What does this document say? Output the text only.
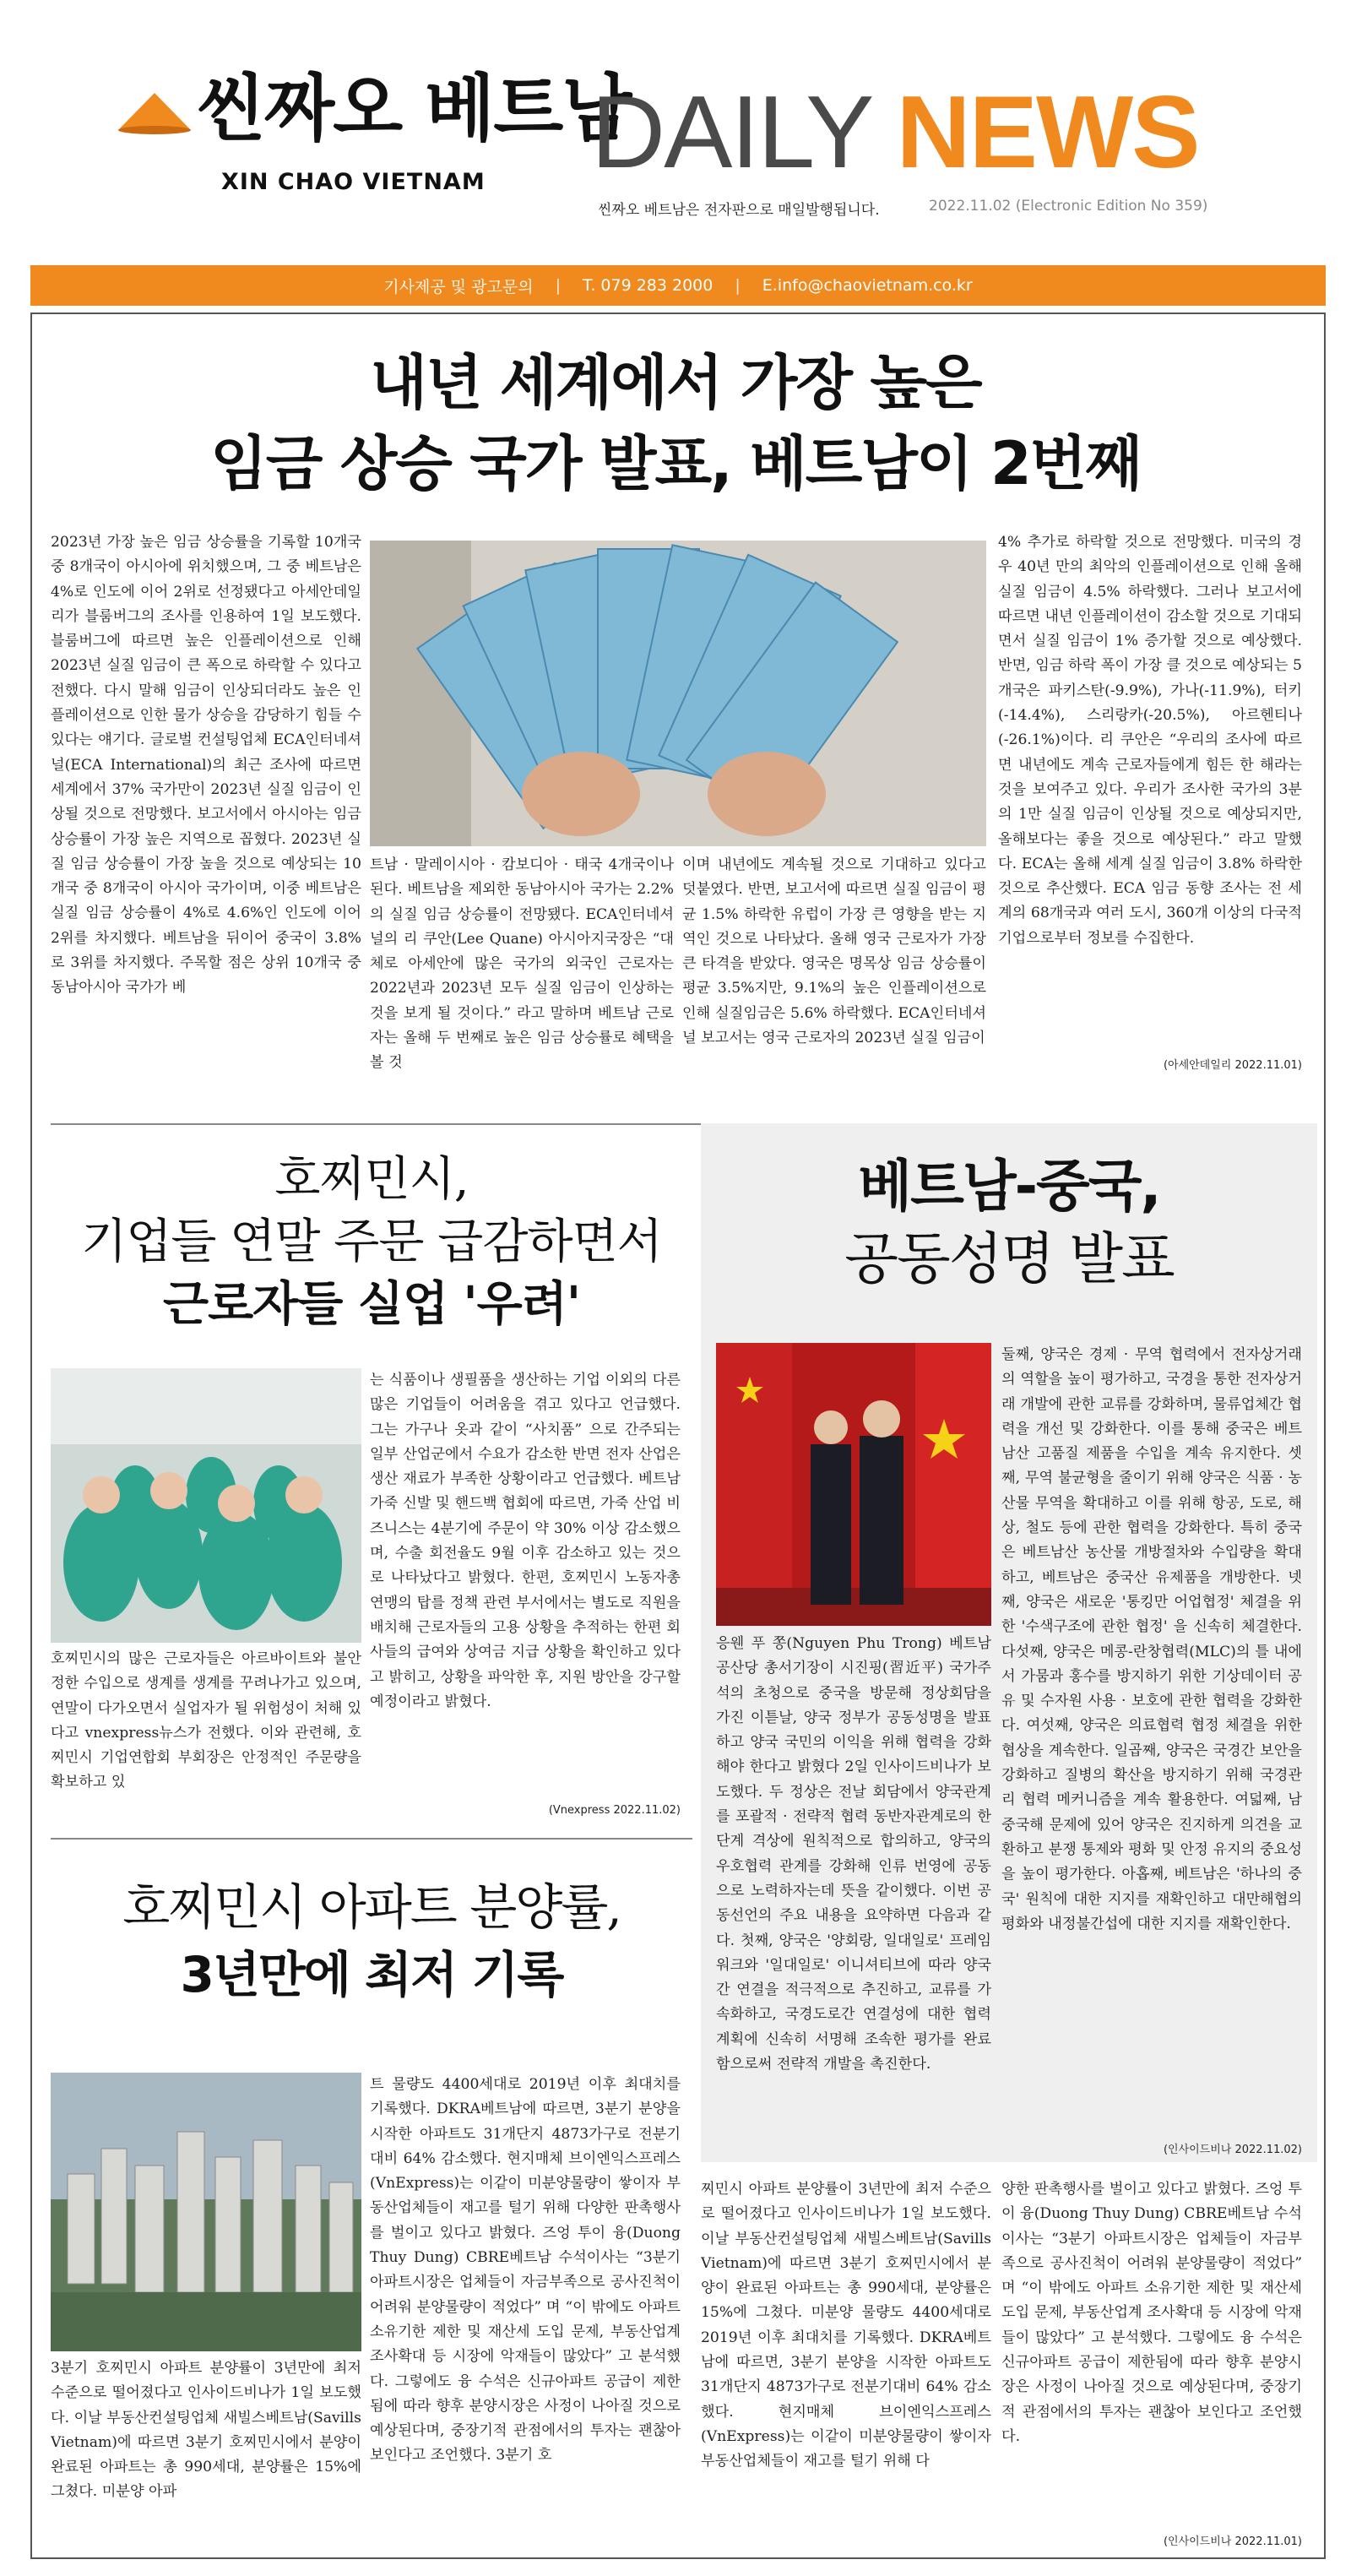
씬짜오 베트남
XIN CHAO VIETNAM DAILY NEWS
씬짜오 베트남은 전자판으로 매일발행됩니다.	2022.11.02 (Electronic Edition No 359)
기사제공 및 광고문의	|	T. 079 283 2000	|	E.info@chaovietnam.co.kr
내년 세계에서 가장 높은
임금 상승 국가 발표, 베트남이 2번째
2023년 가장 높은 임금 상승률을 기록할 10개국 중 8개국이 아시아에 위치했으며, 그 중 베트남은 4%로 인도에 이어 2위로 선정됐다고 아세안데일리가 블룸버그의 조사를 인용하여 1일 보도했다. 블룸버그에 따르면 높은 인플레이션으로 인해 2023년 실질 임금이 큰 폭으로 하락할 수 있다고 전했다. 다시 말해 임금이 인상되더라도 높은 인플레이션으로 인한 물가 상승을 감당하기 힘들 수 있다는 얘기다. 글로벌 컨설팅업체 ECA인터네셔널(ECA International)의 최근 조사에 따르면 세계에서 37% 국가만이 2023년 실질 임금이 인상될 것으로 전망했다. 보고서에서 아시아는 임금 상승률이 가장 높은 지역으로 꼽혔다. 2023년 실질 임금 상승률이 가장 높을 것으로 예상되는 10개국 중 8개국이 아시아 국가이며, 이중 베트남은 실질 임금 상승률이 4%로 4.6%인 인도에 이어 2위를 차지했다. 베트남을 뒤이어 중국이 3.8%로 3위를 차지했다. 주목할 점은 상위 10개국 중 동남아시아 국가가 베
트남 · 말레이시아 · 캄보디아 · 태국 4개국이나 된다. 베트남을 제외한 동남아시아 국가는 2.2%의 실질 임금 상승률이 전망됐다. ECA인터네셔널의 리 쿠안(Lee Quane) 아시아지국장은 “대체로 아세안에 많은 국가의 외국인 근로자는 2022년과 2023년 모두 실질 임금이 인상하는 것을 보게 될 것이다.” 라고 말하며 베트남 근로자는 올해 두 번째로 높은 임금 상승률로 혜택을 볼 것
이며 내년에도 계속될 것으로 기대하고 있다고 덧붙였다. 반면, 보고서에 따르면 실질 임금이 평균 1.5% 하락한 유럽이 가장 큰 영향을 받는 지역인 것으로 나타났다. 올해 영국 근로자가 가장 큰 타격을 받았다. 영국은 명목상 임금 상승률이 평균 3.5%지만, 9.1%의 높은 인플레이션으로 인해 실질임금은 5.6% 하락했다. ECA인터네셔널 보고서는 영국 근로자의 2023년 실질 임금이
4% 추가로 하락할 것으로 전망했다. 미국의 경우 40년 만의 최악의 인플레이션으로 인해 올해 실질 임금이 4.5% 하락했다. 그러나 보고서에 따르면 내년 인플레이션이 감소할 것으로 기대되면서 실질 임금이 1% 증가할 것으로 예상했다. 반면, 임금 하락 폭이 가장 클 것으로 예상되는 5개국은 파키스탄(-9.9%), 가나(-11.9%), 터키(-14.4%), 스리랑카(-20.5%), 아르헨티나(-26.1%)이다. 리 쿠안은 “우리의 조사에 따르면 내년에도 계속 근로자들에게 힘든 한 해라는 것을 보여주고 있다. 우리가 조사한 국가의 3분의 1만 실질 임금이 인상될 것으로 예상되지만, 올해보다는 좋을 것으로 예상된다.” 라고 말했다. ECA는 올해 세계 실질 임금이 3.8% 하락한 것으로 추산했다. ECA 임금 동향 조사는 전 세계의 68개국과 여러 도시, 360개 이상의 다국적 기업으로부터 정보를 수집한다.
(아세안데일리 2022.11.01)
호찌민시,
기업들 연말 주문 급감하면서
근로자들 실업 '우려'
호찌민시의 많은 근로자들은 아르바이트와 불안정한 수입으로 생계를 생계를 꾸려나가고 있으며, 연말이 다가오면서 실업자가 될 위험성이 처해 있다고 vnexpress뉴스가 전했다. 이와 관련해, 호찌민시 기업연합회 부회장은 안정적인 주문량을 확보하고 있
는 식품이나 생필품을 생산하는 기업 이외의 다른 많은 기업들이 어려움을 겪고 있다고 언급했다. 그는 가구나 옷과 같이 “사치품” 으로 간주되는 일부 산업군에서 수요가 감소한 반면 전자 산업은 생산 재료가 부족한 상황이라고 언급했다. 베트남 가죽 신발 및 핸드백 협회에 따르면, 가죽 산업 비즈니스는 4분기에 주문이 약 30% 이상 감소했으며, 수출 회전율도 9월 이후 감소하고 있는 것으로 나타났다고 밝혔다. 한편, 호찌민시 노동자총연맹의 탑를 정책 관련 부서에서는 별도로 직원을 배치해 근로자들의 고용 상황을 추적하는 한편 회사들의 급여와 상여금 지급 상황을 확인하고 있다고 밝히고, 상황을 파악한 후, 지원 방안을 강구할 예정이라고 밝혔다.
(Vnexpress 2022.11.02)
베트남-중국,
공동성명 발표
응웬 푸 쫑(Nguyen Phu Trong) 베트남 공산당 총서기장이 시진핑(習近平) 국가주석의 초청으로 중국을 방문해 정상회담을 가진 이튿날, 양국 정부가 공동성명을 발표하고 양국 국민의 이익을 위해 협력을 강화해야 한다고 밝혔다 2일 인사이드비나가 보도했다. 두 정상은 전날 회담에서 양국관계를 포괄적 · 전략적 협력 동반자관계로의 한단계 격상에 원칙적으로 합의하고, 양국의 우호협력 관계를 강화해 인류 번영에 공동으로 노력하자는데 뜻을 같이했다. 이번 공동선언의 주요 내용을 요약하면 다음과 같다. 첫째, 양국은 '양회랑, 일대일로' 프레임워크와 '일대일로' 이니셔티브에 따라 양국간 연결을 적극적으로 추진하고, 교류를 가속화하고, 국경도로간 연결성에 대한 협력 계획에 신속히 서명해 조속한 평가를 완료함으로써 전략적 개발을 촉진한다.
둘째, 양국은 경제 · 무역 협력에서 전자상거래의 역할을 높이 평가하고, 국경을 통한 전자상거래 개발에 관한 교류를 강화하며, 물류업체간 협력을 개선 및 강화한다. 이를 통해 중국은 베트남산 고품질 제품을 수입을 계속 유지한다. 셋째, 무역 불균형을 줄이기 위해 양국은 식품 · 농산물 무역을 확대하고 이를 위해 항공, 도로, 해상, 철도 등에 관한 협력을 강화한다. 특히 중국은 베트남산 농산물 개방절차와 수입량을 확대하고, 베트남은 중국산 유제품을 개방한다. 넷째, 양국은 새로운 '통킹만 어업협정' 체결을 위한 '수색구조에 관한 협정' 을 신속히 체결한다. 다섯째, 양국은 메콩-란창협력(MLC)의 틀 내에서 가뭄과 홍수를 방지하기 위한 기상데이터 공유 및 수자원 사용 · 보호에 관한 협력을 강화한다. 여섯째, 양국은 의료협력 협정 체결을 위한 협상을 계속한다. 일곱째, 양국은 국경간 보안을 강화하고 질병의 확산을 방지하기 위해 국경관리 협력 메커니즘을 계속 활용한다. 여덟째, 남중국해 문제에 있어 양국은 진지하게 의견을 교환하고 분쟁 통제와 평화 및 안정 유지의 중요성을 높이 평가한다. 아홉째, 베트남은 '하나의 중국' 원칙에 대한 지지를 재확인하고 대만해협의 평화와 내정불간섭에 대한 지지를 재확인한다.
(인사이드비나 2022.11.02)
호찌민시 아파트 분양률,
3년만에 최저 기록
3분기 호찌민시 아파트 분양률이 3년만에 최저 수준으로 떨어졌다고 인사이드비나가 1일 보도했다. 이날 부동산컨설팅업체 새빌스베트남(Savills Vietnam)에 따르면 3분기 호찌민시에서 분양이 완료된 아파트는 총 990세대, 분양률은 15%에 그쳤다. 미분양 아파
트 물량도 4400세대로 2019년 이후 최대치를 기록했다. DKRA베트남에 따르면, 3분기 분양을 시작한 아파트도 31개단지 4873가구로 전분기대비 64% 감소했다. 현지매체 브이엔익스프레스(VnExpress)는 이같이 미분양물량이 쌓이자 부동산업체들이 재고를 털기 위해 다양한 판촉행사를 벌이고 있다고 밝혔다. 즈엉 투이 융(Duong Thuy Dung) CBRE베트남 수석이사는 “3분기 아파트시장은 업체들이 자금부족으로 공사진척이 어려워 분양물량이 적었다” 며 “이 밖에도 아파트 소유기한 제한 및 재산세 도입 문제, 부동산업계 조사확대 등 시장에 악재들이 많았다” 고 분석했다. 그렇에도 융 수석은 신규아파트 공급이 제한됨에 따라 향후 분양시장은 사정이 나아질 것으로 예상된다며, 중장기적 관점에서의 투자는 괜찮아 보인다고 조언했다. 3분기 호
찌민시 아파트 분양률이 3년만에 최저 수준으로 떨어졌다고 인사이드비나가 1일 보도했다. 이날 부동산컨설팅업체 새빌스베트남(Savills Vietnam)에 따르면 3분기 호찌민시에서 분양이 완료된 아파트는 총 990세대, 분양률은 15%에 그쳤다. 미분양 물량도 4400세대로 2019년 이후 최대치를 기록했다. DKRA베트남에 따르면, 3분기 분양을 시작한 아파트도 31개단지 4873가구로 전분기대비 64% 감소했다. 현지매체 브이엔익스프레스(VnExpress)는 이같이 미분양물량이 쌓이자 부동산업체들이 재고를 털기 위해 다
양한 판촉행사를 벌이고 있다고 밝혔다. 즈엉 투이 융(Duong Thuy Dung) CBRE베트남 수석이사는 “3분기 아파트시장은 업체들이 자금부족으로 공사진척이 어려워 분양물량이 적었다” 며 “이 밖에도 아파트 소유기한 제한 및 재산세 도입 문제, 부동산업계 조사확대 등 시장에 악재들이 많았다” 고 분석했다. 그렇에도 융 수석은 신규아파트 공급이 제한됨에 따라 향후 분양시장은 사정이 나아질 것으로 예상된다며, 중장기적 관점에서의 투자는 괜찮아 보인다고 조언했다.
(인사이드비나 2022.11.01)
